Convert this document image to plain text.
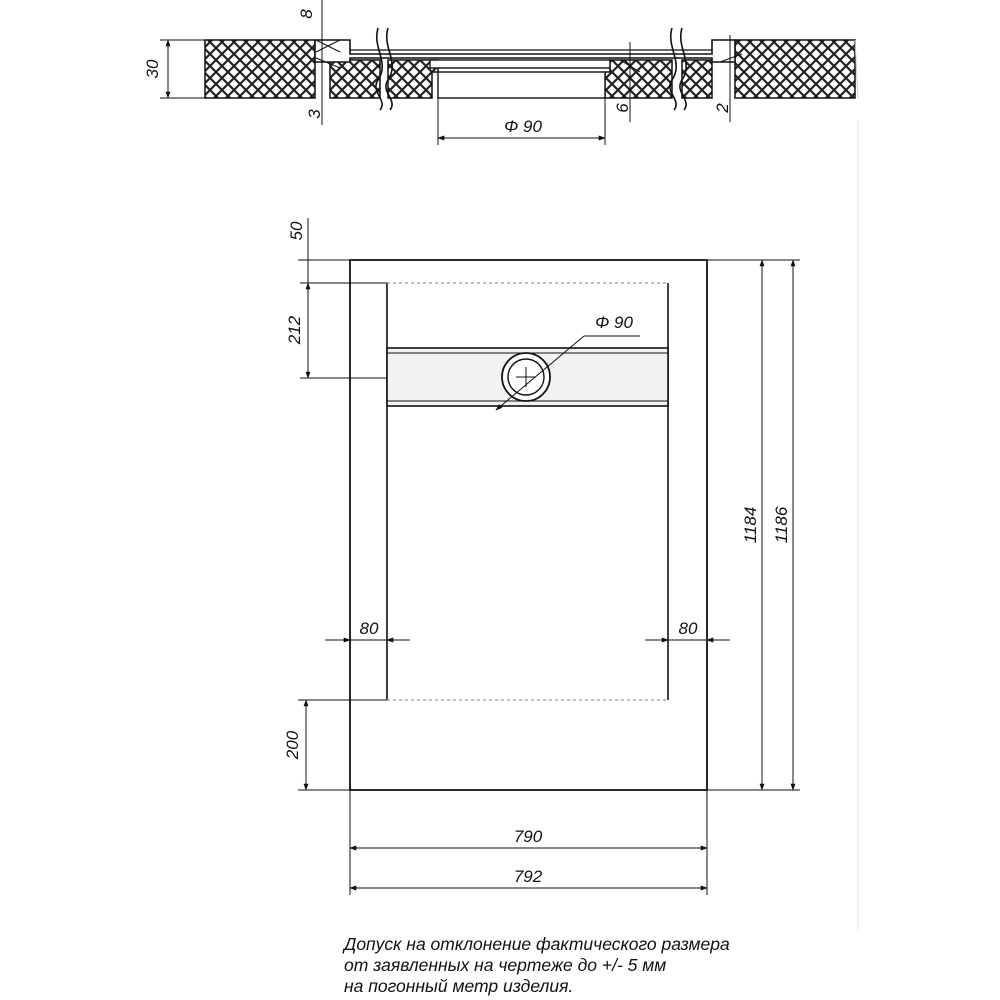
30
8
3
Φ 90
6	2
Φ 90
50
212
200
80	80
1184 1186
790
792

Допуск на отклонение фактического размера
от заявленных на чертеже до +/- 5 мм
на погонный метр изделия.
